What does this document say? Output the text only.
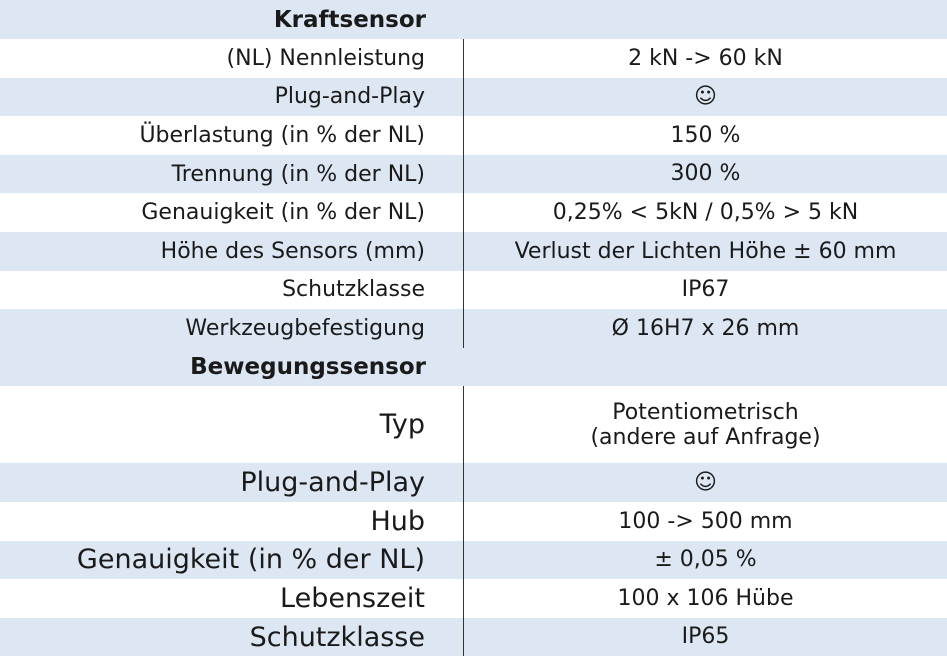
Kraftsensor
(NL) Nennleistung	2 kN -> 60 kN
Plug-and-Play	☺
Überlastung (in % der NL)	150 %
Trennung (in % der NL)	300 %
Genauigkeit (in % der NL)	0,25% < 5kN / 0,5% > 5 kN
Höhe des Sensors (mm)	Verlust der Lichten Höhe ± 60 mm
Schutzklasse	IP67
Werkzeugbefestigung	Ø 16H7 x 26 mm
Bewegungssensor
Typ	Potentiometrisch
(andere auf Anfrage)
Plug-and-Play	☺
Hub	100 -> 500 mm
Genauigkeit (in % der NL)	± 0,05 %
Lebenszeit	100 x 106 Hübe
Schutzklasse	IP65
